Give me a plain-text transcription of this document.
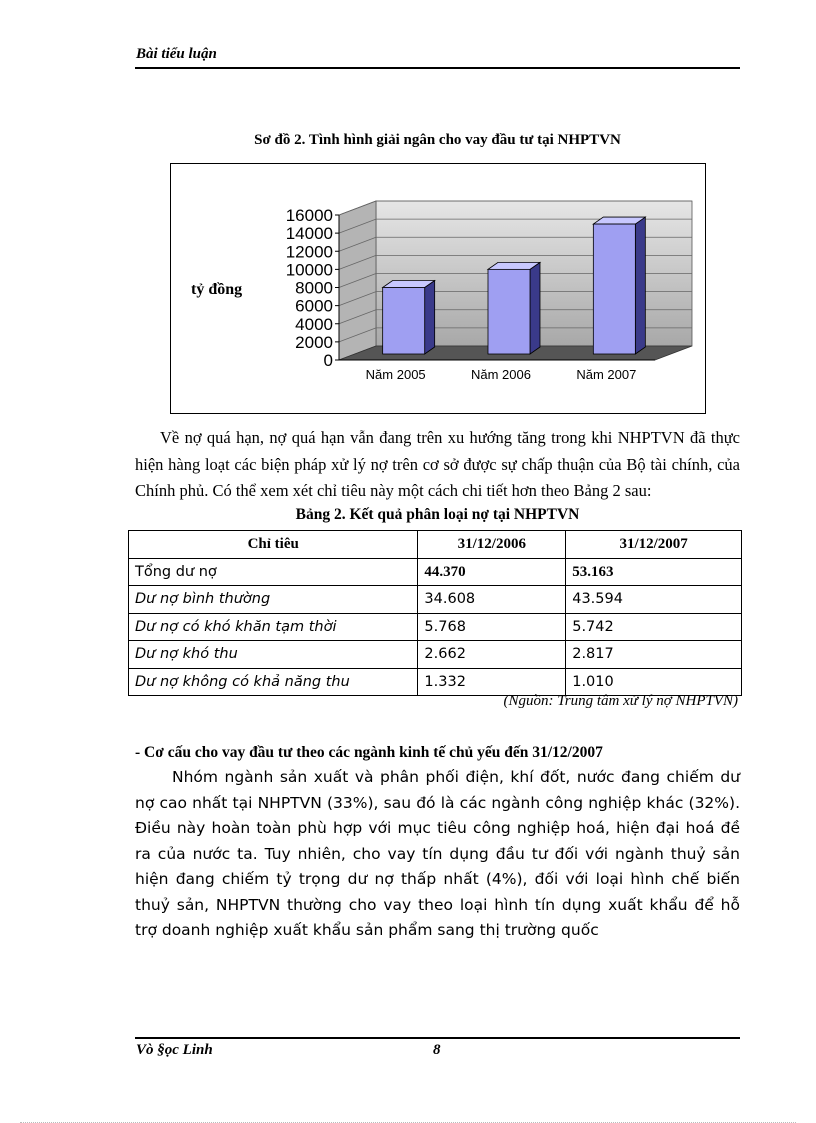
Bài tiểu luận
Sơ đồ 2. Tình hình giải ngân cho vay đầu tư tại NHPTVN
16000
14000
12000
10000
8000
6000
4000
2000
0
tỷ đồng
Năm 2005	Năm 2006	Năm 2007
Về nợ quá hạn, nợ quá hạn vẫn đang trên xu hướng tăng trong khi NHPTVN đã thực hiện hàng loạt các biện pháp xử lý nợ trên cơ sở được sự chấp thuận của Bộ tài chính, của Chính phủ. Có thể xem xét chỉ tiêu này một cách chi tiết hơn theo Bảng 2 sau:
Bảng 2. Kết quả phân loại nợ tại NHPTVN
Chỉ tiêu	31/12/2006	31/12/2007
Tổng dư nợ	44.370	53.163
Dư nợ bình thường	34.608	43.594
Dư nợ có khó khăn tạm thời	5.768	5.742
Dư nợ khó thu	2.662	2.817
Dư nợ không có khả năng thu	1.332	1.010
(Nguồn: Trung tâm xử lý nợ NHPTVN)
- Cơ cấu cho vay đầu tư theo các ngành kinh tế chủ yếu đến 31/12/2007
Nhóm ngành sản xuất và phân phối điện, khí đốt, nước đang chiếm dư nợ cao nhất tại NHPTVN (33%), sau đó là các ngành công nghiệp khác (32%). Điều này hoàn toàn phù hợp với mục tiêu công nghiệp hoá, hiện đại hoá đề ra của nước ta. Tuy nhiên, cho vay tín dụng đầu tư đối với ngành thuỷ sản hiện đang chiếm tỷ trọng dư nợ thấp nhất (4%), đối với loại hình chế biến thuỷ sản, NHPTVN thường cho vay theo loại hình tín dụng xuất khẩu để hỗ trợ doanh nghiệp xuất khẩu sản phẩm sang thị trường quốc
Vò §ọc Linh	8
